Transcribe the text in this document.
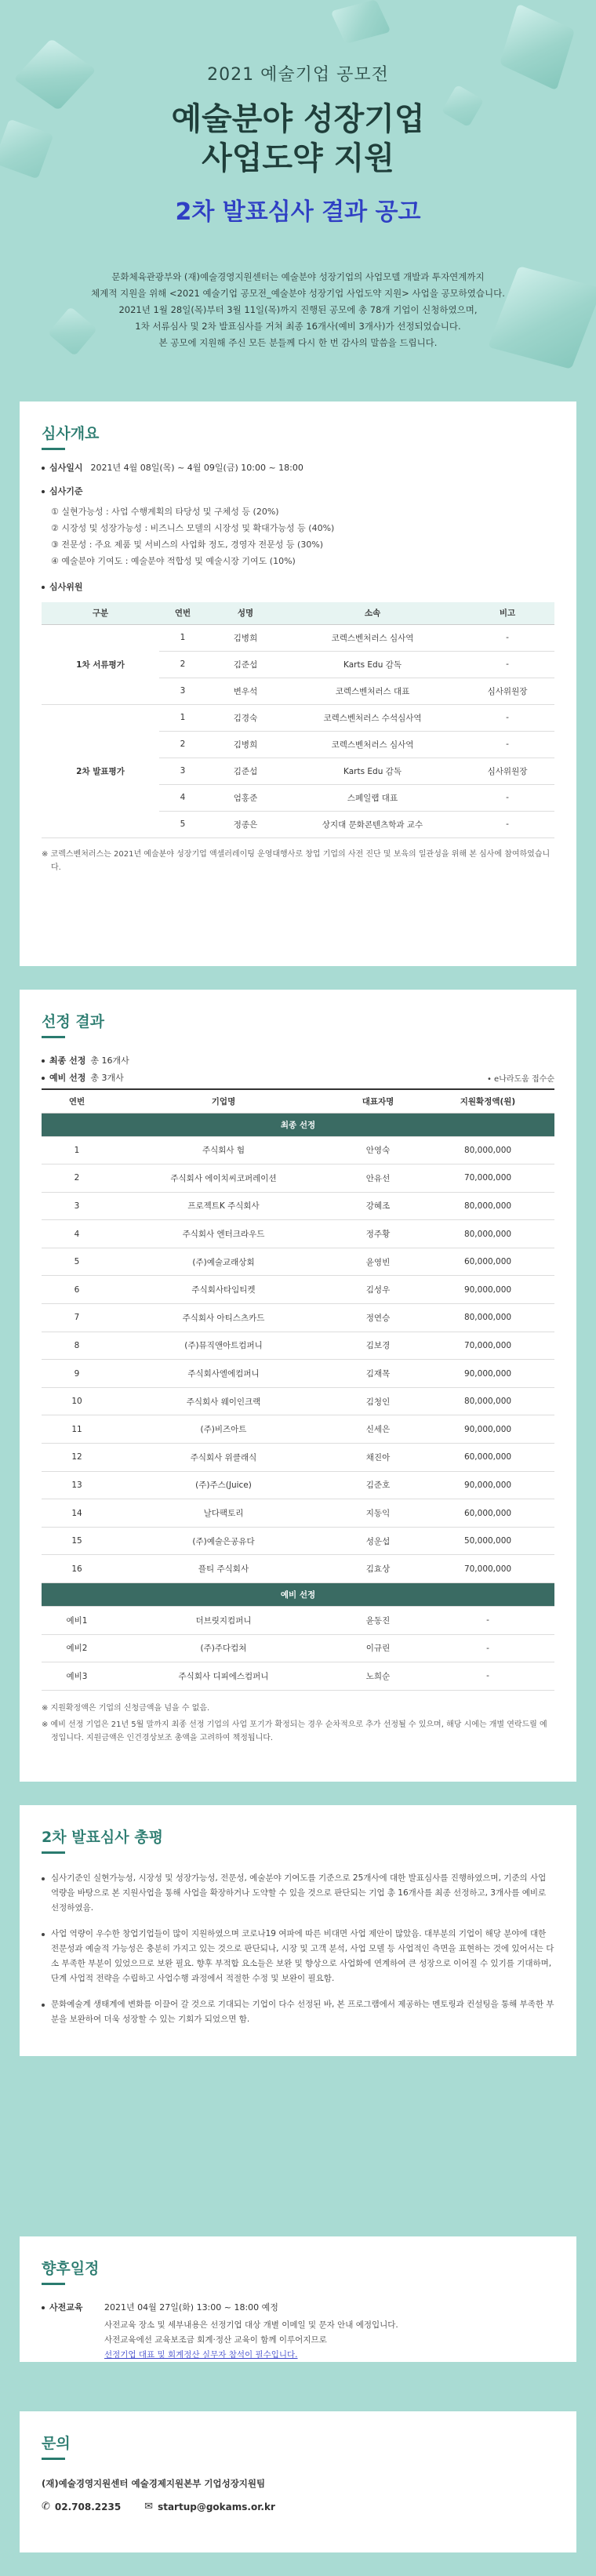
2021 예술기업 공모전
예술분야 성장기업
사업도약 지원
2차 발표심사 결과 공고
문화체육관광부와 (재)예술경영지원센터는 예술분야 성장기업의 사업모델 개발과 투자연계까지
체계적 지원을 위해 <2021 예술기업 공모전_예술분야 성장기업 사업도약 지원> 사업을 공모하였습니다.
2021년 1월 28일(목)부터 3월 11일(목)까지 진행된 공모에 총 78개 기업이 신청하였으며,
1차 서류심사 및 2차 발표심사를 거쳐 최종 16개사(예비 3개사)가 선정되었습니다.
본 공모에 지원해 주신 모든 분들께 다시 한 번 감사의 말씀을 드립니다.
심사개요
심사일시 2021년 4월 08일(목) ~ 4월 09일(금) 10:00 ~ 18:00
심사기준
① 실현가능성 : 사업 수행계획의 타당성 및 구체성 등 (20%)
② 시장성 및 성장가능성 : 비즈니스 모델의 시장성 및 확대가능성 등 (40%)
③ 전문성 : 주요 제품 및 서비스의 사업화 정도, 경영자 전문성 등 (30%)
④ 예술분야 기여도 : 예술분야 적합성 및 예술시장 기여도 (10%)
심사위원
구분	연번	성명	소속	비고
1차 서류평가	1	김병희	코렉스벤처러스 심사역	-
	2	김준섭	Karts Edu 감독	-
	3	변우석	코렉스벤처러스 대표	심사위원장
2차 발표평가	1	김경숙	코렉스벤처러스 수석심사역	-
	2	김병희	코렉스벤처러스 심사역	-
	3	김준섭	Karts Edu 감독	심사위원장
	4	엄홍준	스페일랩 대표	-
	5	정종은	상지대 문화콘텐츠학과 교수	-
※ 코렉스벤처러스는 2021년 예술분야 성장기업 액셀러레이팅 운영대행사로 창업 기업의 사전 진단 및 보육의 일관성을 위해 본 심사에 참여하였습니다.
선정 결과
최종 선정 총 16개사
예비 선정 총 3개사	• e나라도움 접수순
연번	기업명	대표자명	지원확정액(원)
최종 선정			
1	주식회사 험	안영숙	80,000,000
2	주식회사 에이치씨코퍼레이션	안유선	70,000,000
3	프로젝트K 주식회사	강혜조	80,000,000
4	주식회사 엔터크라우드	정주황	80,000,000
5	(주)예술교래상회	윤영빈	60,000,000
6	주식회사타임티켓	김성우	90,000,000
7	주식회사 아티스츠카드	정연승	80,000,000
8	(주)뮤직앤아트컴퍼니	김보경	70,000,000
9	주식회사엘에컴퍼니	김재목	90,000,000
10	주식회사 웨이인크랙	김청인	80,000,000
11	(주)비즈아트	신세은	90,000,000
12	주식회사 위클래식	채진아	60,000,000
13	(주)주스(Juice)	김준호	90,000,000
14	날다팩토리	지동익	60,000,000
15	(주)예술은공유다	성운섭	50,000,000
16	플티 주식회사	김효상	70,000,000
예비 선정			
예비1	더브릿지컴퍼니	윤동진	-
예비2	(주)주다컴쳐	이규린	-
예비3	주식회사 디피에스컴퍼니	노희순	-
※ 지원확정액은 기업의 신청금액을 넘을 수 없음.
※ 예비 선정 기업은 21년 5월 말까지 최종 선정 기업의 사업 포기가 확정되는 경우 순차적으로 추가 선정될 수 있으며, 해당 시에는 개별 연락드릴 예정입니다. 지원금액은 인건경상보조 총액을 고려하여 책정됩니다.
2차 발표심사 총평
심사기준인 실현가능성, 시장성 및 성장가능성, 전문성, 예술분야 기여도를 기준으로 25개사에 대한 발표심사를 진행하였으며, 기준의 사업 역량을 바탕으로 본 지원사업을 통해 사업을 확장하거나 도약할 수 있을 것으로 판단되는 기업 총 16개사를 최종 선정하고, 3개사를 예비로 선정하였음.
사업 역량이 우수한 창업기업들이 많이 지원하였으며 코로나19 여파에 따른 비대면 사업 제안이 많았음. 대부분의 기업이 해당 분야에 대한 전문성과 예술적 가능성은 충분히 가지고 있는 것으로 판단되나, 시장 및 고객 분석, 사업 모델 등 사업적인 측면을 표현하는 것에 있어서는 다소 부족한 부분이 있었으므로 보완 필요. 향후 부적합 요소들은 보완 및 향상으로 사업화에 연계하여 큰 성장으로 이어질 수 있기를 기대하며, 단계 사업적 전략을 수립하고 사업수행 과정에서 적절한 수정 및 보완이 필요함.
문화예술계 생태계에 변화를 이끌어 갈 것으로 기대되는 기업이 다수 선정된 바, 본 프로그램에서 제공하는 멘토링과 컨설팅을 통해 부족한 부분을 보완하여 더욱 성장할 수 있는 기회가 되었으면 함.
향후일정
사전교육	2021년 04월 27일(화) 13:00 ~ 18:00 예정
사전교육 장소 및 세부내용은 선정기업 대상 개별 이메일 및 문자 안내 예정입니다.
사전교육에선 교육보조금 회계·정산 교육이 함께 이루어지므로
선정기업 대표 및 회계정산 실무자 참석이 필수입니다.
문의
(재)예술경영지원센터 예술경제지원본부 기업성장지원팀
✆ 02.708.2235 ✉ startup@gokams.or.kr
